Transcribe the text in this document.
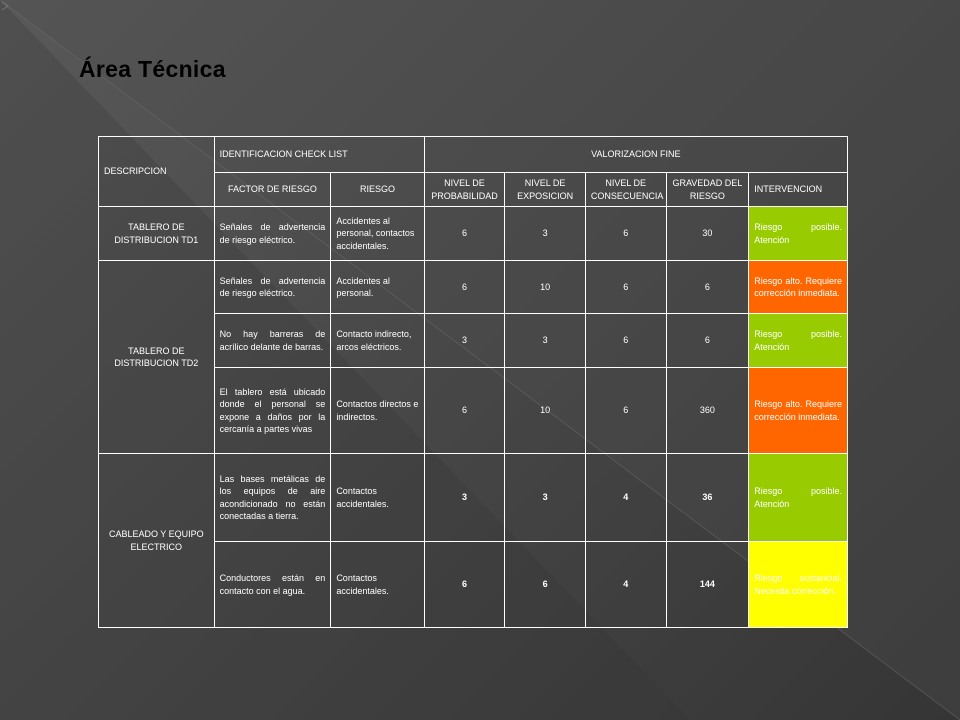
Área Técnica
DESCRIPCION	IDENTIFICACION CHECK LIST		VALORIZACION FINE				
	FACTOR DE RIESGO	RIESGO	NIVEL DE PROBABILIDAD	NIVEL DE EXPOSICION	NIVEL DE CONSECUENCIA	GRAVEDAD DEL RIESGO	INTERVENCION
TABLERO DE DISTRIBUCION TD1	Señales de advertencia de riesgo eléctrico.	Accidentes al personal, contactos accidentales.	6	3	6	30	Riesgo posible. Atención
TABLERO DE DISTRIBUCION TD2	Señales de advertencia de riesgo eléctrico.	Accidentes al personal.	6	10	6	6	Riesgo alto. Requiere corrección inmediata.
	No hay barreras de acrílico delante de barras.	Contacto indirecto, arcos eléctricos.	3	3	6	6	Riesgo posible. Atención
	El tablero está ubicado donde el personal se expone a daños por la cercanía a partes vivas	Contactos directos e indirectos.	6	10	6	360	Riesgo alto. Requiere corrección inmediata.
CABLEADO Y EQUIPO ELECTRICO	Las bases metálicas de los equipos de aire acondicionado no están conectadas a tierra.	Contactos accidentales.	3	3	4	36	Riesgo posible. Atención
	Conductores están en contacto con el agua.	Contactos accidentales.	6	6	4	144	Riesgo sustancial. Necesita corrección.
